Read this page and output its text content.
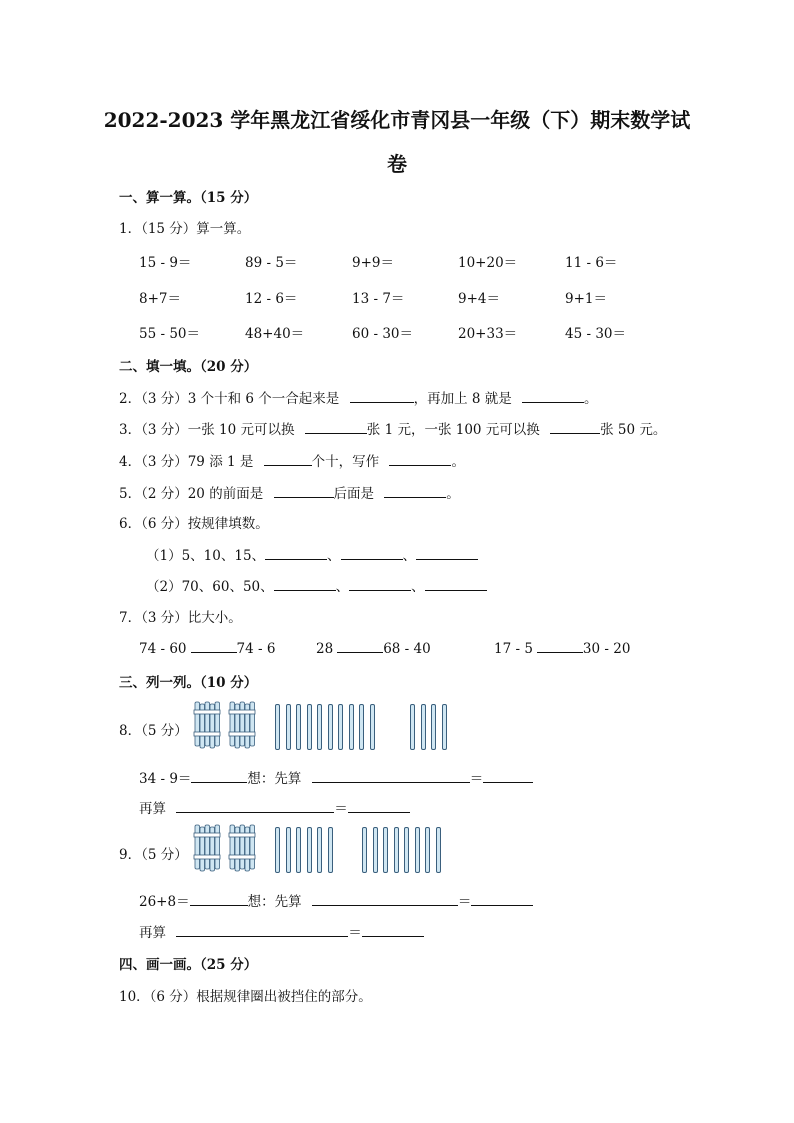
2022-2023 学年黑龙江省绥化市青冈县一年级（下）期末数学试
卷
一、算一算。（15 分）
1．（15 分）算一算。
15 - 9＝	89 - 5＝	9+9＝	10+20＝	11 - 6＝
8+7＝	12 - 6＝	13 - 7＝	9+4＝	9+1＝
55 - 50＝	48+40＝	60 - 30＝	20+33＝	45 - 30＝
二、填一填。（20 分）
2．（3 分）3 个十和 6 个一合起来是	，再加上 8 就是	。
3．（3 分）一张 10 元可以换	张 1 元，一张 100 元可以换	张 50 元。
4．（3 分）79 添 1 是	个十，写作	。
5．（2 分）20 的前面是	后面是	。
6．（6 分）按规律填数。
（1）5、10、15、	、	、
（2）70、60、50、	、	、
7．（3 分）比大小。
74 - 60	74 - 6	28	68 - 40	17 - 5	30 - 20
三、列一列。（10 分）
8．（5 分）
34 - 9＝	想：先算	＝
再算	＝
9．（5 分）
26+8＝	想：先算	＝
再算	＝
四、画一画。（25 分）
10．（6 分）根据规律圈出被挡住的部分。
